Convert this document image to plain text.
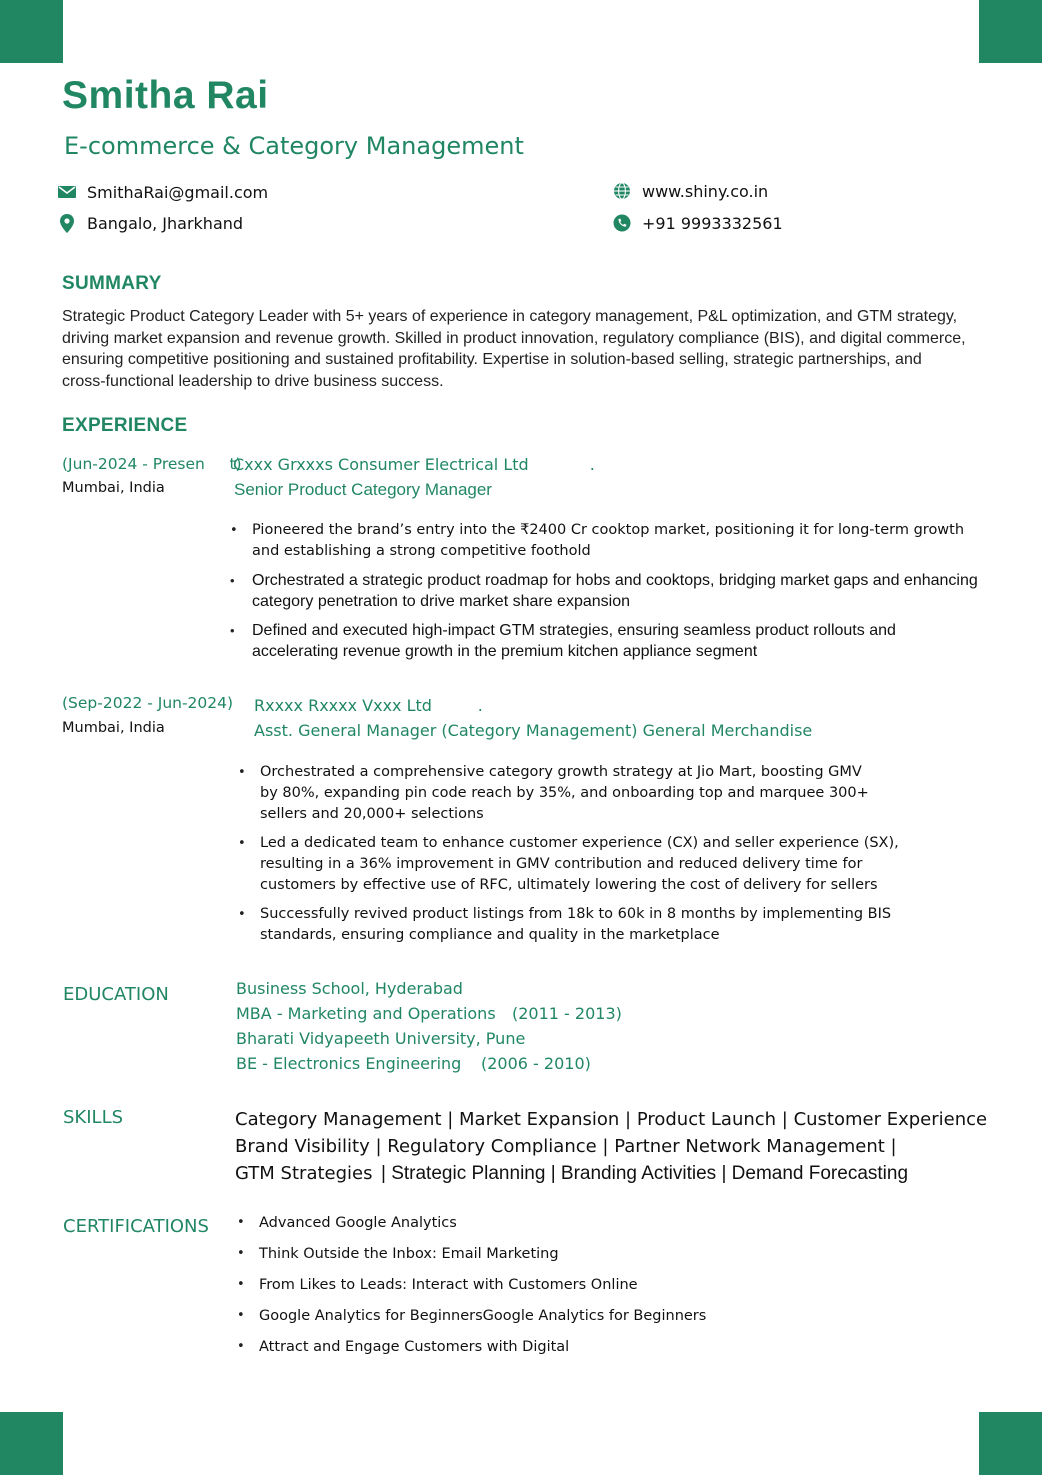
Smitha Rai
E-commerce & Category Management
SmithaRai@gmail.com
Bangalo, Jharkhand
www.shiny.co.in
+91 9993332561
SUMMARY
Strategic Product Category Leader with 5+ years of experience in category management, P&L optimization, and GTM strategy, driving market expansion and revenue growth. Skilled in product innovation, regulatory compliance (BIS), and digital commerce, ensuring competitive positioning and sustained profitability. Expertise in solution-based selling, strategic partnerships, and cross-functional leadership to drive business success.
EXPERIENCE
(Jun-2024 - Presen     t)
Mumbai, India
Cxxx Grxxxs Consumer Electrical Ltd            .
Senior Product Category Manager
• Pioneered the brand’s entry into the ₹2400 Cr cooktop market, positioning it for long-term growth and establishing a strong competitive foothold
• Orchestrated a strategic product roadmap for hobs and cooktops, bridging market gaps and enhancing category penetration to drive market share expansion
• Defined and executed high-impact GTM strategies, ensuring seamless product rollouts and accelerating revenue growth in the premium kitchen appliance segment
(Sep-2022 - Jun-2024)
Mumbai, India
Rxxxx Rxxxx Vxxx Ltd         .
Asst. General Manager (Category Management) General Merchandise
• Orchestrated a comprehensive category growth strategy at Jio Mart, boosting GMV by 80%, expanding pin code reach by 35%, and onboarding top and marquee 300+ sellers and 20,000+ selections
• Led a dedicated team to enhance customer experience (CX) and seller experience (SX), resulting in a 36% improvement in GMV contribution and reduced delivery time for customers by effective use of RFC, ultimately lowering the cost of delivery for sellers
• Successfully revived product listings from 18k to 60k in 8 months by implementing BIS standards, ensuring compliance and quality in the marketplace
EDUCATION	Business School, Hyderabad
MBA - Marketing and Operations (2011 - 2013)
Bharati Vidyapeeth University, Pune
BE - Electronics Engineering (2006 - 2010)
SKILLS	Category Management | Market Expansion | Product Launch | Customer Experience
Brand Visibility | Regulatory Compliance | Partner Network Management |
GTM Strategies | Strategic Planning | Branding Activities | Demand Forecasting
CERTIFICATIONS
•	Advanced Google Analytics
• Think Outside the Inbox: Email Marketing
• From Likes to Leads: Interact with Customers Online
• Google Analytics for BeginnersGoogle Analytics for Beginners
• Attract and Engage Customers with Digital
